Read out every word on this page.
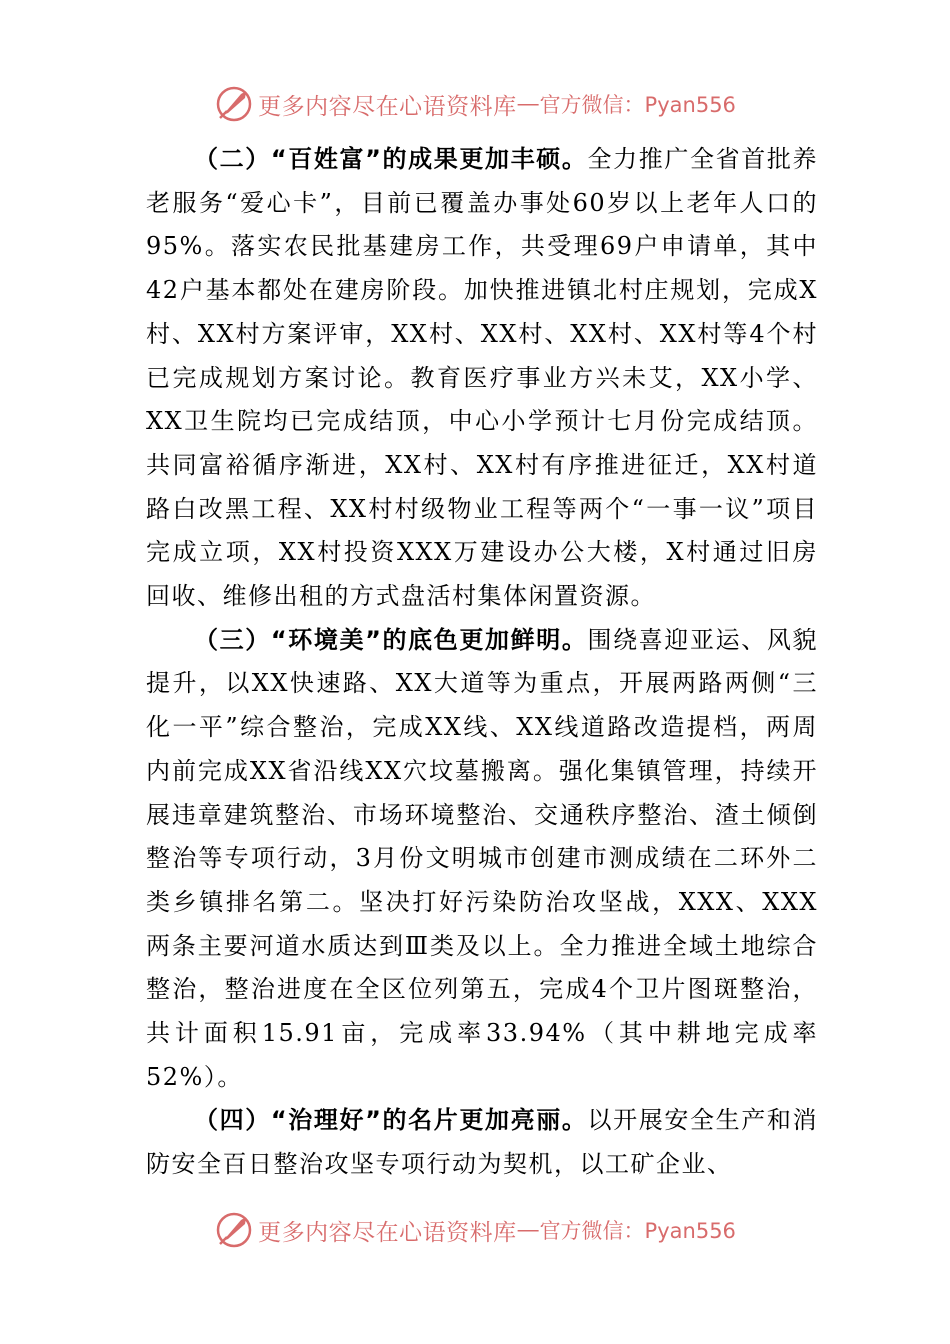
更多内容尽在心语资料库 — 官方微信：Pyan556

（二）“百姓富”的成果更加丰硕。全力推广全省首批养老服务“爱心卡”，目前已覆盖办事处60岁以上老年人口的95%。落实农民批基建房工作，共受理69户申请单，其中42户基本都处在建房阶段。加快推进镇北村庄规划，完成X村、XX村方案评审，XX村、XX村、XX村、XX村等4个村已完成规划方案讨论。教育医疗事业方兴未艾，XX小学、XX卫生院均已完成结顶，中心小学预计七月份完成结顶。共同富裕循序渐进，XX村、XX村有序推进征迁，XX村道路白改黑工程、XX村村级物业工程等两个“一事一议”项目完成立项，XX村投资XXX万建设办公大楼，X村通过旧房回收、维修出租的方式盘活村集体闲置资源。

（三）“环境美”的底色更加鲜明。围绕喜迎亚运、风貌提升，以XX快速路、XX大道等为重点，开展两路两侧“三化一平”综合整治，完成XX线、XX线道路改造提档，两周内前完成XX省沿线XX穴坟墓搬离。强化集镇管理，持续开展违章建筑整治、市场环境整治、交通秩序整治、渣土倾倒整治等专项行动，3月份文明城市创建市测成绩在二环外二类乡镇排名第二。坚决打好污染防治攻坚战，XXX、XXX两条主要河道水质达到Ⅲ类及以上。全力推进全域土地综合整治，整治进度在全区位列第五，完成4个卫片图斑整治，共计面积15.91亩，完成率33.94%（其中耕地完成率52%）。

（四）“治理好”的名片更加亮丽。以开展安全生产和消防安全百日整治攻坚专项行动为契机，以工矿企业、

更多内容尽在心语资料库 — 官方微信：Pyan556
